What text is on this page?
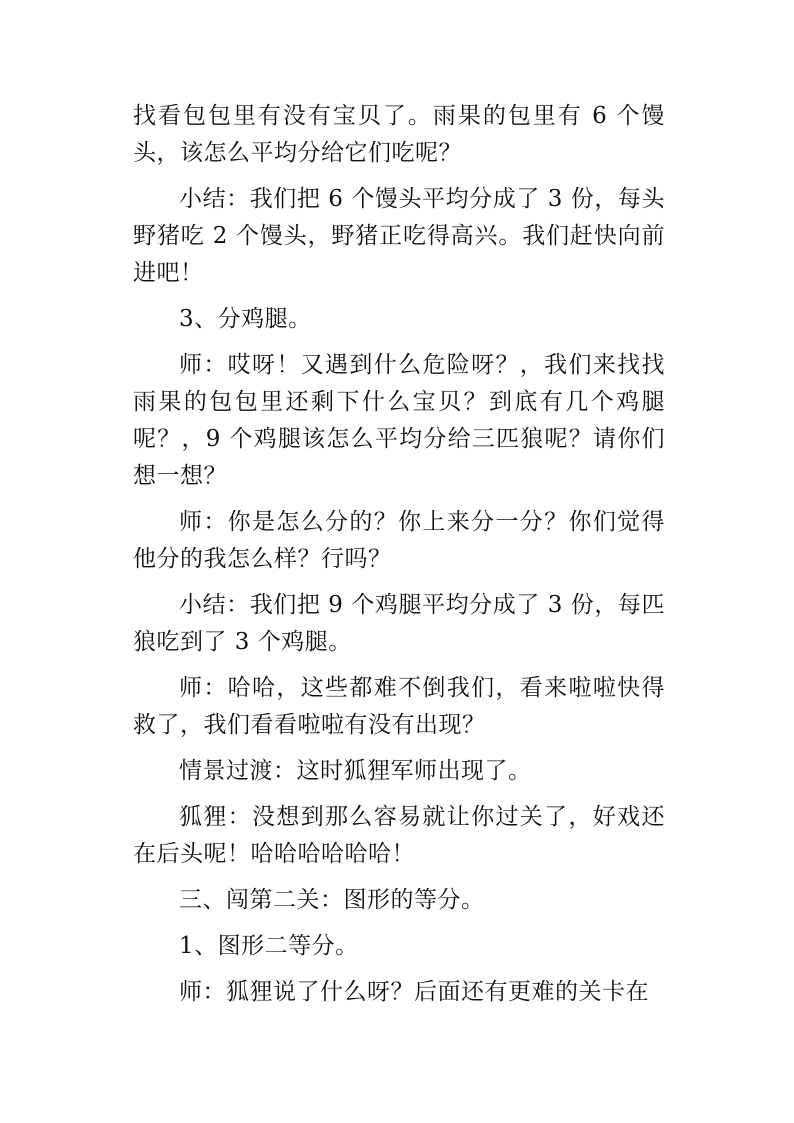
找看包包里有没有宝贝了。雨果的包里有 6 个馒头，该怎么平均分给它们吃呢？

小结：我们把 6 个馒头平均分成了 3 份，每头野猪吃 2 个馒头，野猪正吃得高兴。我们赶快向前进吧！

3、分鸡腿。

师：哎呀！又遇到什么危险呀？，我们来找找雨果的包包里还剩下什么宝贝？到底有几个鸡腿呢？，9 个鸡腿该怎么平均分给三匹狼呢？请你们想一想？

师：你是怎么分的？你上来分一分？你们觉得他分的我怎么样？行吗？

小结：我们把 9 个鸡腿平均分成了 3 份，每匹狼吃到了 3 个鸡腿。

师：哈哈，这些都难不倒我们，看来啦啦快得救了，我们看看啦啦有没有出现？

情景过渡：这时狐狸军师出现了。

狐狸：没想到那么容易就让你过关了，好戏还在后头呢！哈哈哈哈哈哈！

三、闯第二关：图形的等分。

1、图形二等分。

师：狐狸说了什么呀？后面还有更难的关卡在
